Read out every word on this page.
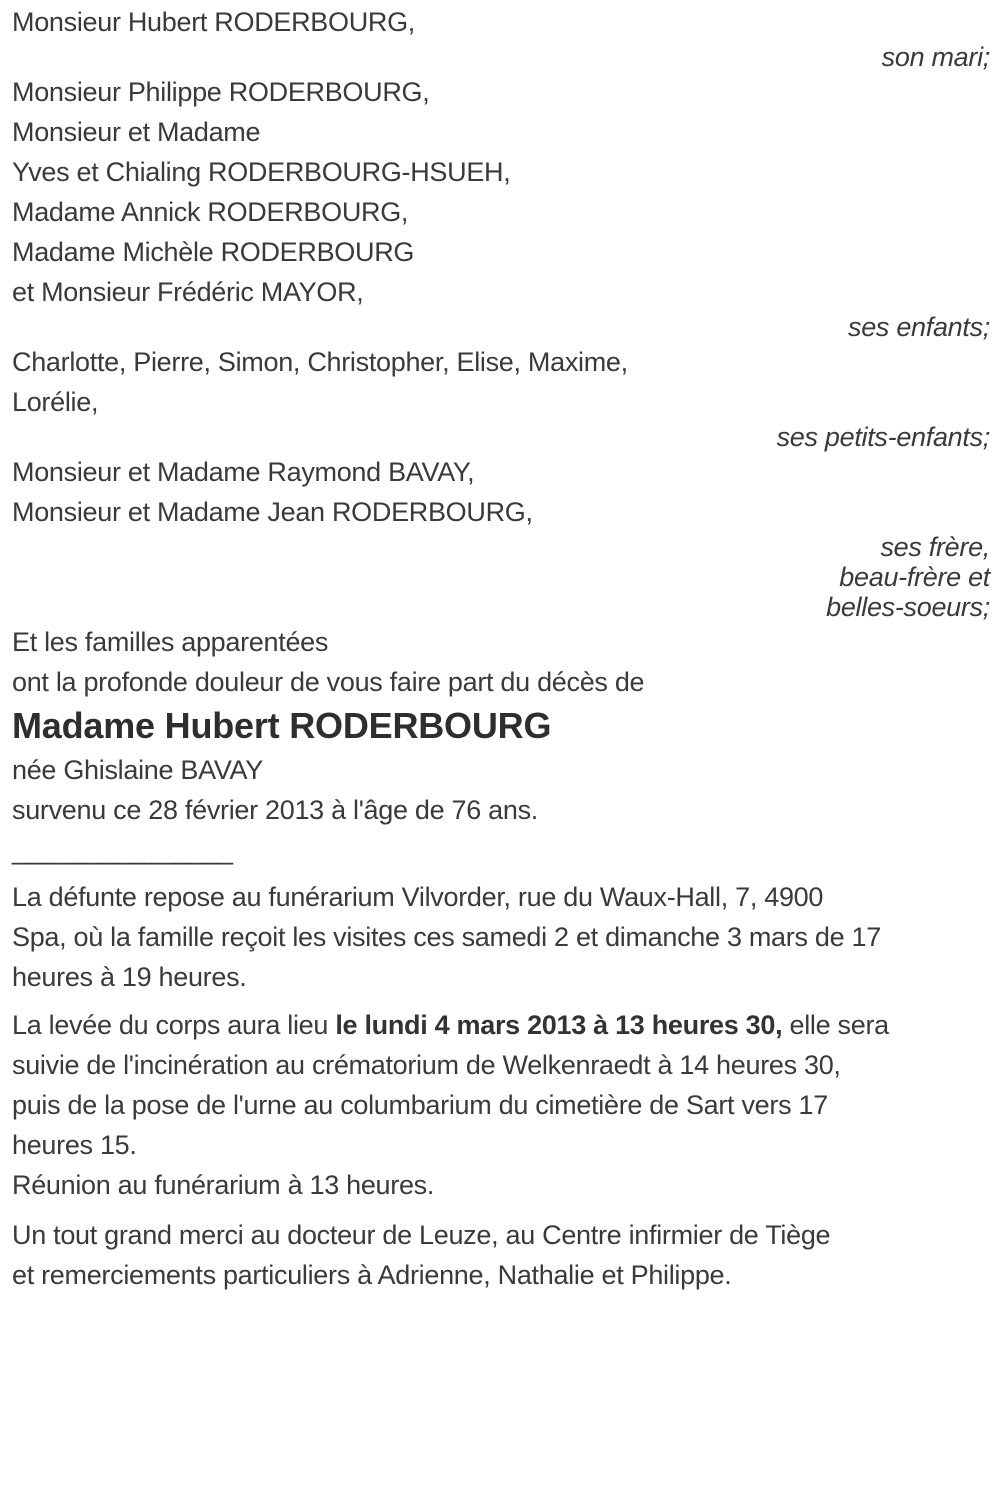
Monsieur Hubert RODERBOURG,

son mari;

Monsieur Philippe RODERBOURG,

Monsieur et Madame

Yves et Chialing RODERBOURG-HSUEH,

Madame Annick RODERBOURG,

Madame Michèle RODERBOURG

et Monsieur Frédéric MAYOR,

ses enfants;

Charlotte, Pierre, Simon, Christopher, Elise, Maxime,

Lorélie,

ses petits-enfants;

Monsieur et Madame Raymond BAVAY,

Monsieur et Madame Jean RODERBOURG,

ses frère,
beau-frère et
belles-soeurs;

Et les familles apparentées

ont la profonde douleur de vous faire part du décès de

Madame Hubert RODERBOURG

née Ghislaine BAVAY

survenu ce 28 février 2013 à l'âge de 76 ans.

_______________

La défunte repose au funérarium Vilvorder, rue du Waux-Hall, 7, 4900

Spa, où la famille reçoit les visites ces samedi 2 et dimanche 3 mars de 17

heures à 19 heures.

La levée du corps aura lieu le lundi 4 mars 2013 à 13 heures 30, elle sera

suivie de l'incinération au crématorium de Welkenraedt à 14 heures 30,

puis de la pose de l'urne au columbarium du cimetière de Sart vers 17

heures 15.

Réunion au funérarium à 13 heures.

Un tout grand merci au docteur de Leuze, au Centre infirmier de Tiège

et remerciements particuliers à Adrienne, Nathalie et Philippe.
